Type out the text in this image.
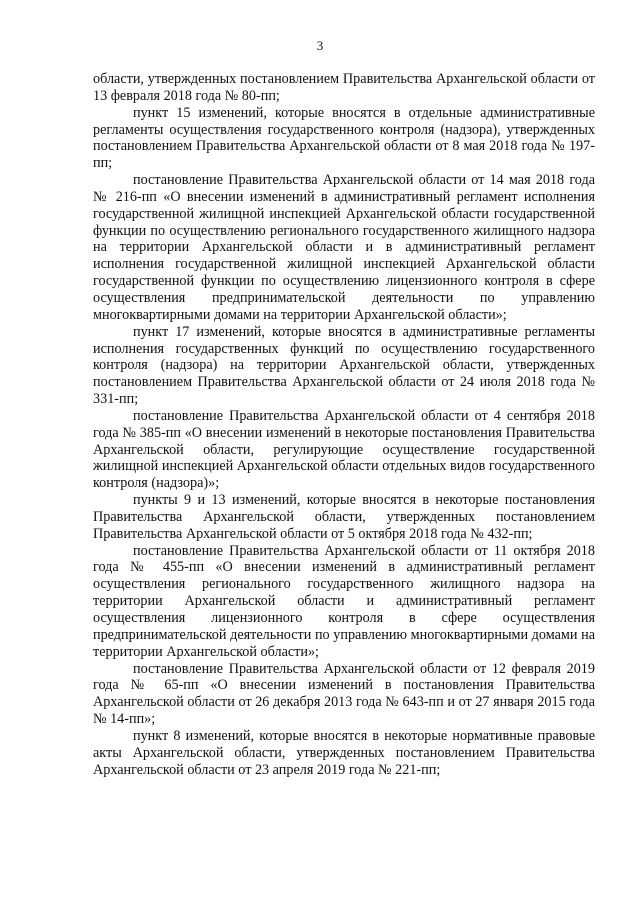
3

области, утвержденных постановлением Правительства Архангельской области от 13 февраля 2018 года № 80-пп;

пункт 15 изменений, которые вносятся в отдельные административные регламенты осуществления государственного контроля (надзора), утвержденных постановлением Правительства Архангельской области от 8 мая 2018 года № 197-пп;

постановление Правительства Архангельской области от 14 мая 2018 года № 216-пп «О внесении изменений в административный регламент исполнения государственной жилищной инспекцией Архангельской области государственной функции по осуществлению регионального государственного жилищного надзора на территории Архангельской области и в административный регламент исполнения государственной жилищной инспекцией Архангельской области государственной функции по осуществлению лицензионного контроля в сфере осуществления предпринимательской деятельности по управлению многоквартирными домами на территории Архангельской области»;

пункт 17 изменений, которые вносятся в административные регламенты исполнения государственных функций по осуществлению государственного контроля (надзора) на территории Архангельской области, утвержденных постановлением Правительства Архангельской области от 24 июля 2018 года № 331-пп;

постановление Правительства Архангельской области от 4 сентября 2018 года № 385-пп «О внесении изменений в некоторые постановления Правительства Архангельской области, регулирующие осуществление государственной жилищной инспекцией Архангельской области отдельных видов государственного контроля (надзора)»;

пункты 9 и 13 изменений, которые вносятся в некоторые постановления Правительства Архангельской области, утвержденных постановлением Правительства Архангельской области от 5 октября 2018 года № 432-пп;

постановление Правительства Архангельской области от 11 октября 2018 года № 455-пп «О внесении изменений в административный регламент осуществления регионального государственного жилищного надзора на территории Архангельской области и административный регламент осуществления лицензионного контроля в сфере осуществления предпринимательской деятельности по управлению многоквартирными домами на территории Архангельской области»;

постановление Правительства Архангельской области от 12 февраля 2019 года № 65-пп «О внесении изменений в постановления Правительства Архангельской области от 26 декабря 2013 года № 643-пп и от 27 января 2015 года № 14-пп»;

пункт 8 изменений, которые вносятся в некоторые нормативные правовые акты Архангельской области, утвержденных постановлением Правительства Архангельской области от 23 апреля 2019 года № 221-пп;
